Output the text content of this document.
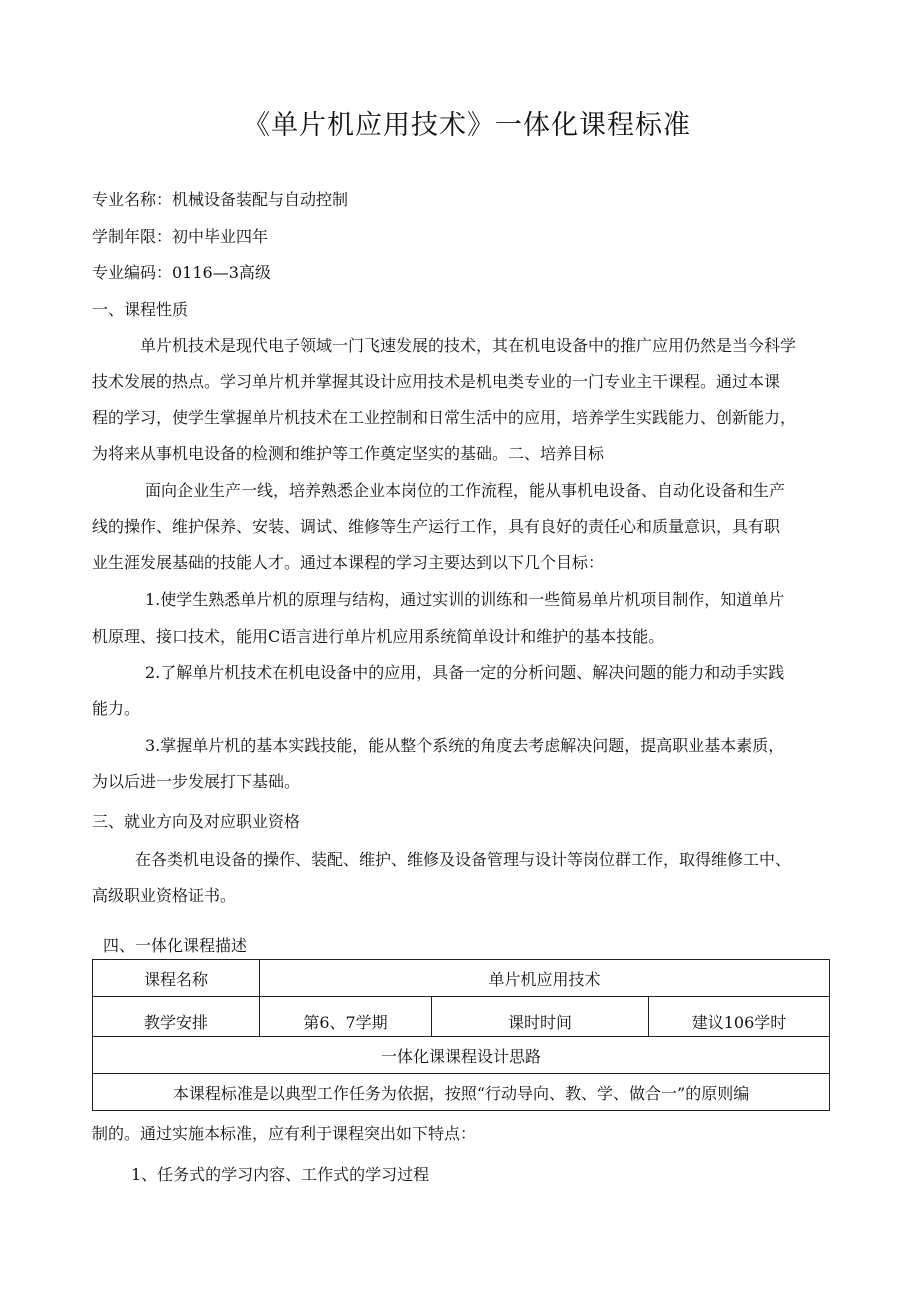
《单片机应用技术》一体化课程标准
专业名称：机械设备装配与自动控制
学制年限：初中毕业四年
专业编码：0116—3高级
一、课程性质
单片机技术是现代电子领域一门飞速发展的技术，其在机电设备中的推广应用仍然是当今科学
技术发展的热点。学习单片机并掌握其设计应用技术是机电类专业的一门专业主干课程。通过本课
程的学习，使学生掌握单片机技术在工业控制和日常生活中的应用，培养学生实践能力、创新能力，
为将来从事机电设备的检测和维护等工作奠定坚实的基础。二、培养目标
面向企业生产一线，培养熟悉企业本岗位的工作流程，能从事机电设备、自动化设备和生产
线的操作、维护保养、安装、调试、维修等生产运行工作，具有良好的责任心和质量意识，具有职
业生涯发展基础的技能人才。通过本课程的学习主要达到以下几个目标：
1.使学生熟悉单片机的原理与结构，通过实训的训练和一些简易单片机项目制作，知道单片
机原理、接口技术，能用C语言进行单片机应用系统简单设计和维护的基本技能。
2.了解单片机技术在机电设备中的应用，具备一定的分析问题、解决问题的能力和动手实践
能力。
3.掌握单片机的基本实践技能，能从整个系统的角度去考虑解决问题，提高职业基本素质，
为以后进一步发展打下基础。
三、就业方向及对应职业资格
在各类机电设备的操作、装配、维护、维修及设备管理与设计等岗位群工作，取得维修工中、
高级职业资格证书。
四、一体化课程描述
课程名称	单片机应用技术		
教学安排	第6、7学期	课时时间	建议106学时
一体化课课程设计思路			
本课程标准是以典型工作任务为依据，按照“行动导向、教、学、做合一”的原则编			
制的。通过实施本标准，应有利于课程突出如下特点：
1、任务式的学习内容、工作式的学习过程
